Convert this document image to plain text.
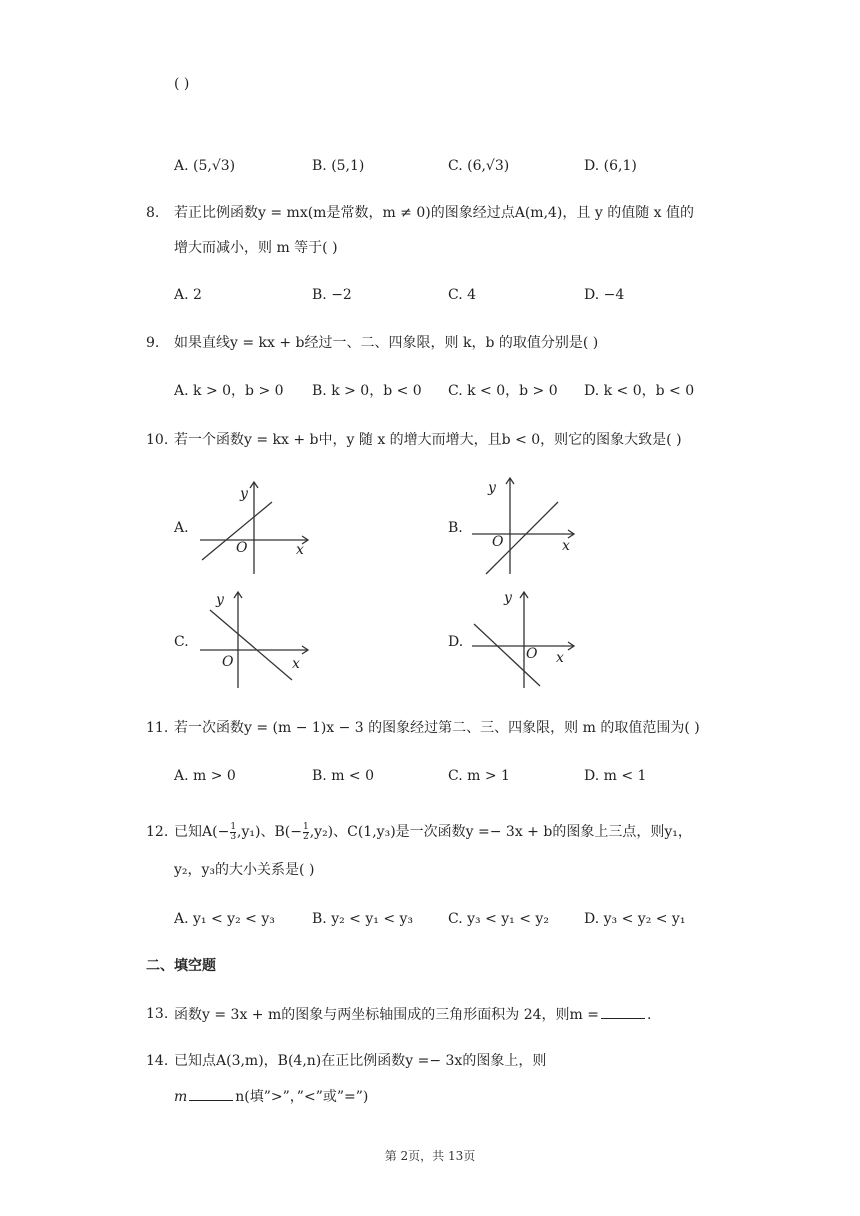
( )
A. (5,√3)	B. (5,1)	C. (6,√3)	D. (6,1)
8. 若正比例函数y = mx(m是常数，m ≠ 0)的图象经过点A(m,4)，且 y 的值随 x 值的
增大而减小，则 m 等于( )
A. 2	B. −2	C. 4	D. −4
9. 如果直线y = kx + b经过一、二、四象限，则 k，b 的取值分别是( )
A. k > 0，b > 0 B. k > 0，b < 0 C. k < 0，b > 0 D. k < 0，b < 0
10. 若一个函数y = kx + b中，y 随 x 的增大而增大，且b < 0，则它的图象大致是( )
A.
y
O	x
B.
y
O	x
C.
y
O	x
D.
y
O x
11. 若一次函数y = (m − 1)x − 3 的图象经过第二、三、四象限，则 m 的取值范围为( )
A. m > 0	B. m < 0	C. m > 1	D. m < 1
12. 已知$A(- \frac{1}{3} ,y_1)$、$B(- \frac{1}{2} ,y_2)$、C(1,y₃)是一次函数y =− 3x + b的图象上三点，则y₁，
y₂，y₃的大小关系是( )
A. y₁ < y₂ < y₃	B. y₂ < y₁ < y₃ C. y₃ < y₁ < y₂	D. y₃ < y₂ < y₁
二、填空题
13. 函数y = 3x + m的图象与两坐标轴围成的三角形面积为 24，则m =	.
14. 已知点A(3,m)，B(4,n)在正比例函数y =− 3x的图象上，则
m	n(填”>”，”<”或”=”)
第 2页，共 13页
